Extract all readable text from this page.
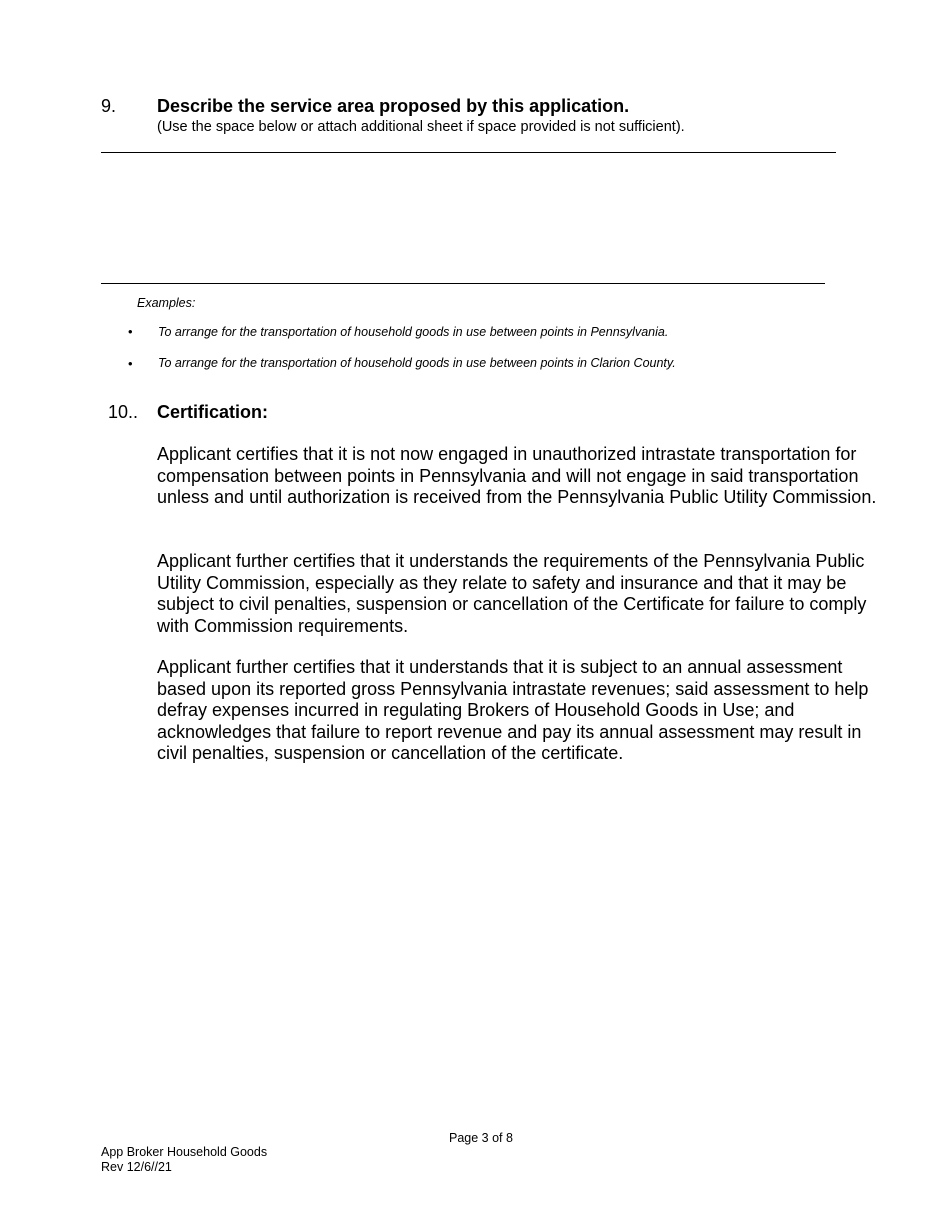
9. Describe the service area proposed by this application.
(Use the space below or attach additional sheet if space provided is not sufficient).
Examples:
• To arrange for the transportation of household goods in use between points in Pennsylvania.
• To arrange for the transportation of household goods in use between points in Clarion County.
10.. Certification:
Applicant certifies that it is not now engaged in unauthorized intrastate transportation for compensation between points in Pennsylvania and will not engage in said transportation unless and until authorization is received from the Pennsylvania Public Utility Commission.
Applicant further certifies that it understands the requirements of the Pennsylvania Public Utility Commission, especially as they relate to safety and insurance and that it may be subject to civil penalties, suspension or cancellation of the Certificate for failure to comply with Commission requirements.
Applicant further certifies that it understands that it is subject to an annual assessment based upon its reported gross Pennsylvania intrastate revenues; said assessment to help defray expenses incurred in regulating Brokers of Household Goods in Use; and acknowledges that failure to report revenue and pay its annual assessment may result in civil penalties, suspension or cancellation of the certificate.
Page 3 of 8
App Broker Household Goods
Rev 12/6//21
